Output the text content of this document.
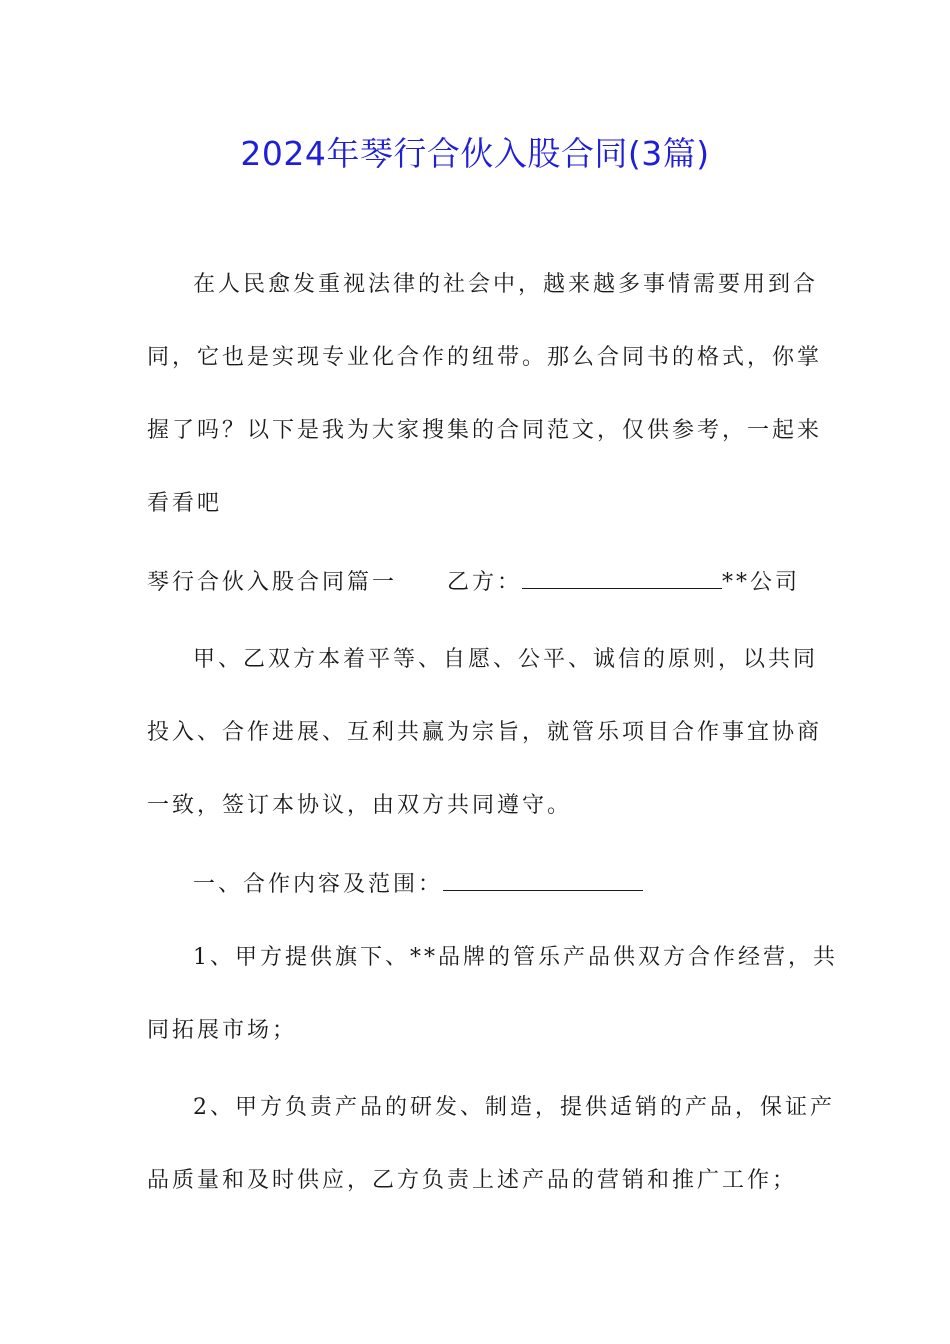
2024年琴行合伙入股合同(3篇)

在人民愈发重视法律的社会中，越来越多事情需要用到合

同，它也是实现专业化合作的纽带。那么合同书的格式，你掌

握了吗？以下是我为大家搜集的合同范文，仅供参考，一起来

看看吧

琴行合伙入股合同篇一 乙方：	**公司

甲、乙双方本着平等、自愿、公平、诚信的原则，以共同

投入、合作进展、互利共赢为宗旨，就管乐项目合作事宜协商

一致，签订本协议，由双方共同遵守。

一、合作内容及范围：

1、甲方提供旗下、**品牌的管乐产品供双方合作经营，共

同拓展市场；

2、甲方负责产品的研发、制造，提供适销的产品，保证产

品质量和及时供应，乙方负责上述产品的营销和推广工作；
